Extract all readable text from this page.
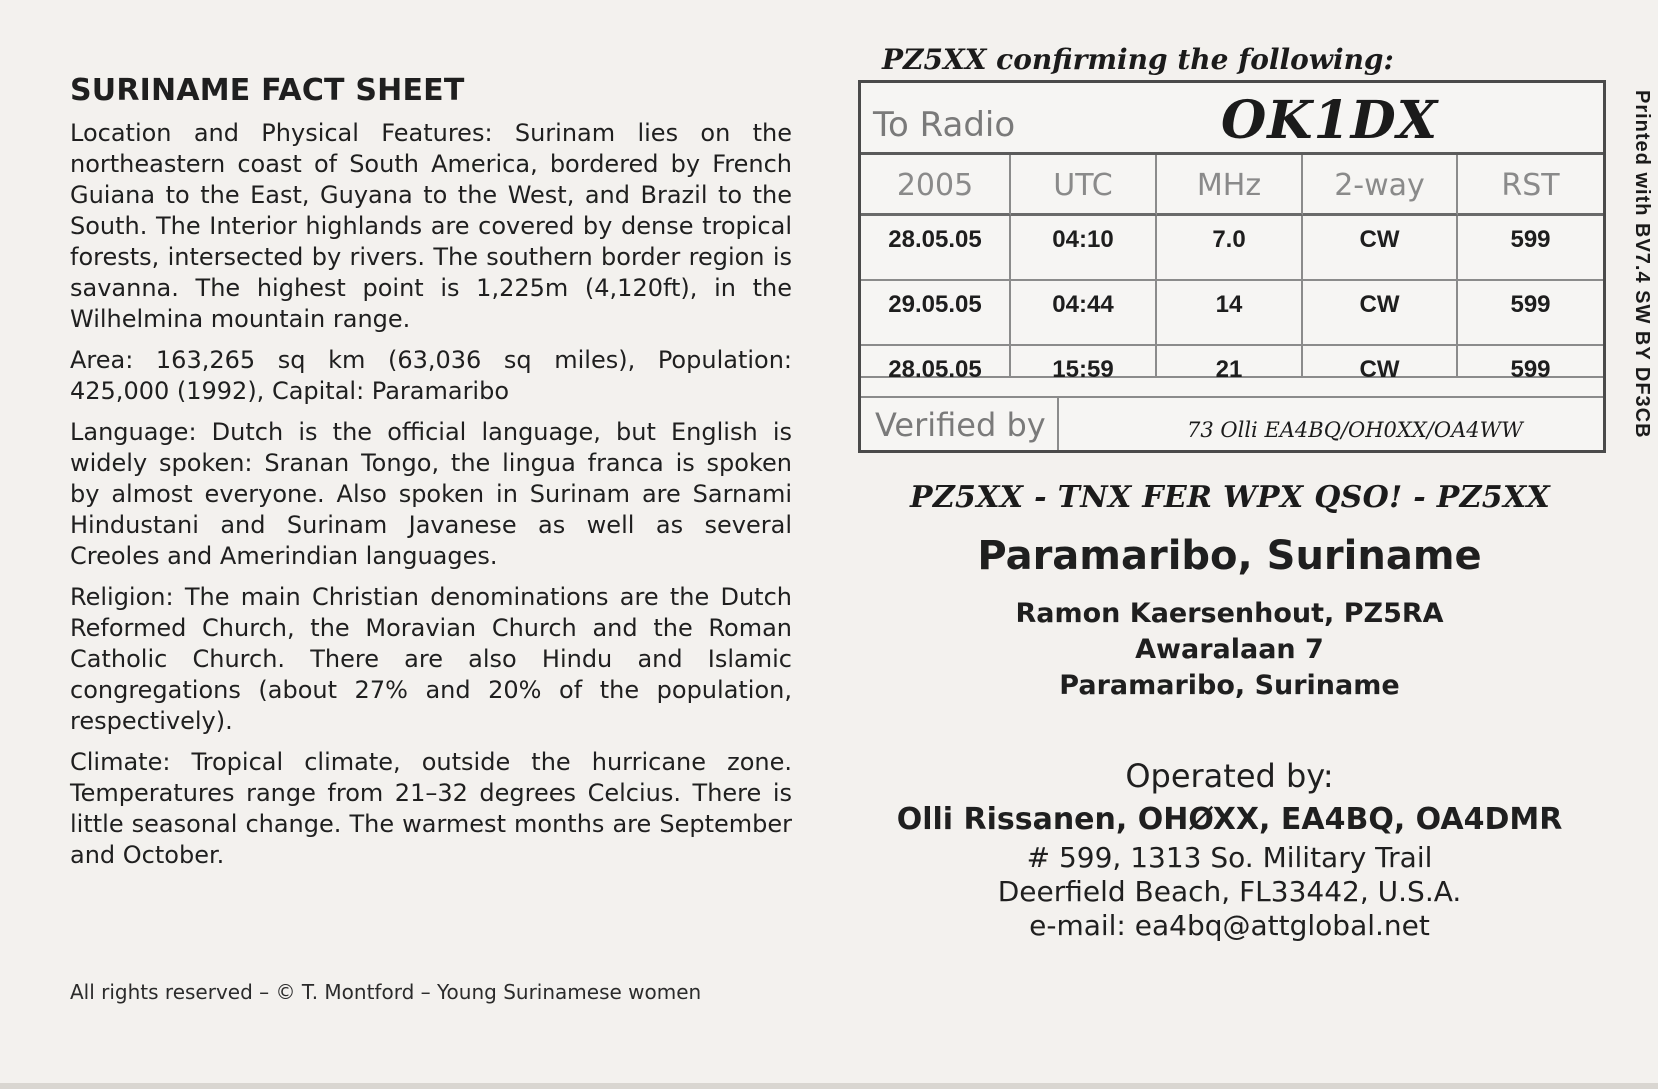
SURINAME FACT SHEET

Location and Physical Features: Surinam lies on the northeastern coast of South America, bordered by French Guiana to the East, Guyana to the West, and Brazil to the South. The Interior highlands are covered by dense tropical forests, intersected by rivers. The southern border region is savanna. The highest point is 1,225m (4,120ft), in the Wilhelmina mountain range.

Area: 163,265 sq km (63,036 sq miles), Population: 425,000 (1992), Capital: Paramaribo

Language: Dutch is the official language, but English is widely spoken: Sranan Tongo, the lingua franca is spoken by almost everyone. Also spoken in Surinam are Sarnami Hindustani and Surinam Javanese as well as several Creoles and Amerindian languages.

Religion: The main Christian denominations are the Dutch Reformed Church, the Moravian Church and the Roman Catholic Church. There are also Hindu and Islamic congregations (about 27% and 20% of the population, respectively).

Climate: Tropical climate, outside the hurricane zone. Temperatures range from 21–32 degrees Celcius. There is little seasonal change. The warmest months are September and October.

All rights reserved – © T. Montford – Young Surinamese women
PZ5XX confirming the following:
To Radio	OK1DX
2005	UTC	MHz	2-way	RST
28.05.05	04:10	7.0	CW	599
29.05.05	04:44	14	CW	599
28.05.05	15:59	21	CW	599
Verified by	73 Olli EA4BQ/OH0XX/OA4WW
PZ5XX - TNX FER WPX QSO! - PZ5XX
Paramaribo, Suriname

Ramon Kaersenhout, PZ5RA

Awaralaan 7

Paramaribo, Suriname

Operated by:
Olli Rissanen, OHØXX, EA4BQ, OA4DMR

# 599, 1313 So. Military Trail

Deerfield Beach, FL33442, U.S.A.

e-mail: ea4bq@attglobal.net

Printed with BV7.4 SW BY DF3CB
